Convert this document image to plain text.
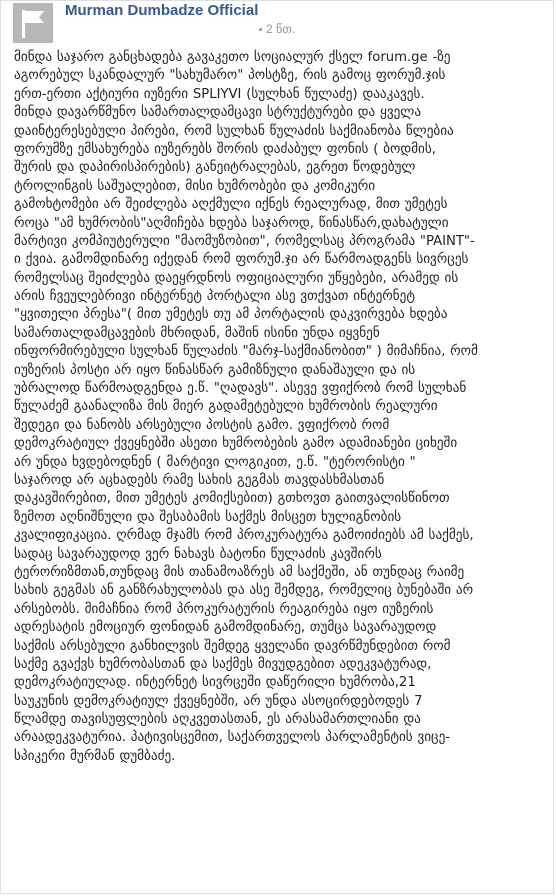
Murman Dumbadze Official
2 წთ.
მინდა საჯარო განცხადება გავაკეთო სოციალურ ქსელ forum.ge -ზე
აგორებულ სკანდალურ "სახუმარო" პოსტზე, რის გამოც ფორუმ.ჯის
ერთ-ერთი აქტიური იუზერი SPLIYVI (სულხან წულაძე) დააკავეს.
მინდა დავარწმუნო სამართალდამცავი სტრუქტურები და ყველა
დაინტერესებული პირები, რომ სულხან წულაძის საქმიანობა წლებია
ფორუმზე ემსახურება იუზერებს შორის დაძაბულ ფონის ( ბოდმის,
შურის და დაპირისპირების) განეიტრალებას, ეგრეთ წოდებულ
ტროლინგის საშუალებით, მისი ხუმრობები და კომიკური
გამოხტომები არ შეიძლება აღქმული იქნეს რეალურად, მით უმეტეს
როცა "ამ ხუმრობის"აღმიჩება ხდება საჯაროდ, წინასწარ,დახატული
მარტივი კომპიუტერული "მაომუზობით", რომელსაც პროგრამა "PAINT"-
ი ქვია. გამომდინარე იქედან რომ ფორუმ.ჯი არ წარმოადგენს სივრცეს
რომელსაც შეიძლება დაეყრდნოს ოფიციალური უწყებები, არამედ ის
არის ჩვეულებრივი ინტერნეტ პორტალი ასე ვთქვათ ინტერნეტ
"ყვითელი პრესა"( მით უმეტეს თუ ამ პორტალის დაკვირვება ხდება
სამართალდამცავების მხრიდან, მაშინ ისინი უნდა იყვნენ
ინფორმირებული სულხან წულაძის "მარჯ-საქმიანობით" ) მიმაჩნია, რომ
იუზერის პოსტი არ იყო წინასწარ გამიზნული დანაშაული და ის
უბრალოდ წარმოადგენდა ე.წ. "ღადავს". ასევე ვფიქრობ რომ სულხან
წულაძემ გაანალიზა მის მიერ გადამეტებული ხუმრობის რეალური
შედეგი და ნანობს არსებული პოსტის გამო. ვფიქრობ რომ
დემოკრატიულ ქვეყნებში ასეთი ხუმრობების გამო ადამიანები ციხეში
არ უნდა ხვდებოდნენ ( მარტივი ლოგიკით, ე.წ. "ტერორისტი "
საჯაროდ არ აცხადებს რამე სახის გეგმას თავდასხმასთან
დაკავშირებით, მით უმეტეს კომიქსებით) გთხოვთ გაითვალისწინოთ
ზემოთ აღნიშნული და შესაბამის საქმეს მისცეთ ხულიგნობის
კვალიფიკაცია. ღრმად მჯამს რომ პროკურატურა გამოიძიებს ამ საქმეს,
სადაც სავარაუდოდ ვერ ნახავს ბატონი წულაძის კავშირს
ტერორიზმთან,თუნდაც მის თანამოაზრეს ამ საქმეში, ან თუნდაც რაიმე
სახის გეგმას ან განზრახულობას და ასე შემდეგ, რომელიც ბუნებაში არ
არსებობს. მიმაჩნია რომ პროკურატურის რეაგირება იყო იუზერის
ადრესატის ემოციურ ფონიდან გამომდინარე, თუმცა სავარაუდოდ
საქმის არსებული განხილვის შემდეგ ყველანი დავრწმუნდებით რომ
საქმე გვაქვს ხუმრობასთან და საქმეს მივუდგებით ადეკვატურად,
დემოკრატიულად. ინტერნეტ სივრცეში დაწერილი ხუმრობა,21
საუკუნის დემოკრატიულ ქვეყნებში, არ უნდა ასოცირდებოდეს 7
წლამდე თავისუფლების აღკვეთასთან, ეს არასამართლიანი და
არაადეკვატურია. პატივისცემით, საქართველოს პარლამენტის ვიცე-
სპიკერი მურმან დუმბაძე.
